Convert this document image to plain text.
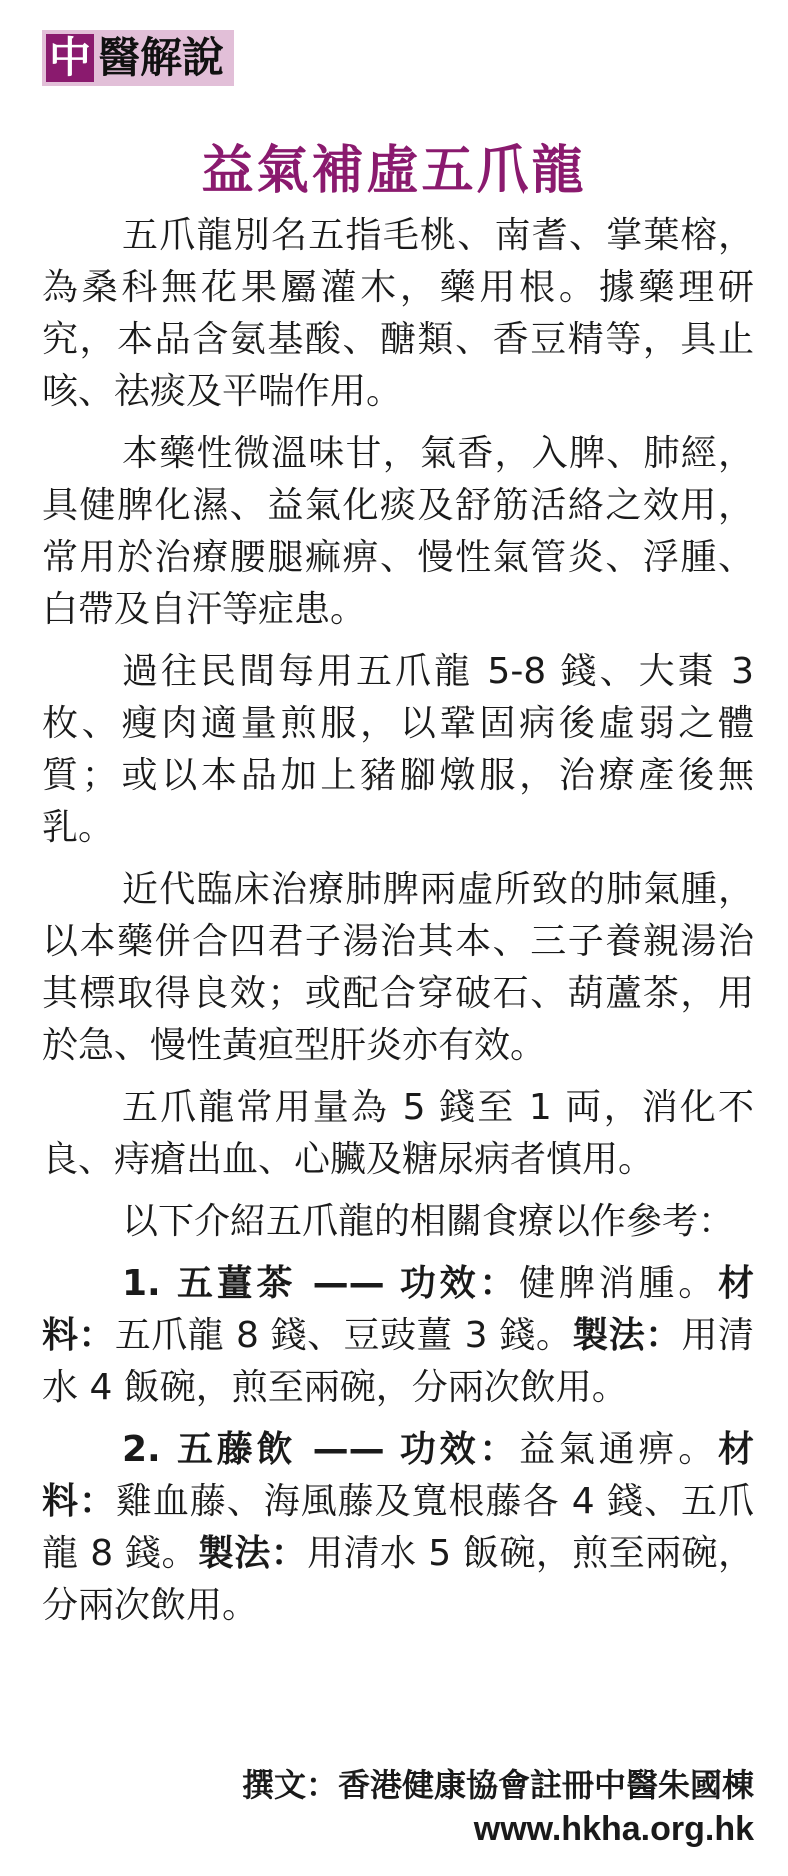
中 醫解說
益氣補虛五爪龍

五爪龍別名五指毛桃、南耆、掌葉榕，為桑科無花果屬灌木，藥用根。據藥理研究，本品含氨基酸、醣類、香豆精等，具止咳、祛痰及平喘作用。

本藥性微溫味甘，氣香，入脾、肺經，具健脾化濕、益氣化痰及舒筋活絡之效用，常用於治療腰腿痲痹、慢性氣管炎、浮腫、白帶及自汗等症患。

過往民間每用五爪龍 5-8 錢、大棗 3 枚、瘦肉適量煎服，以鞏固病後虛弱之體質；或以本品加上豬腳燉服，治療產後無乳。

近代臨床治療肺脾兩虛所致的肺氣腫，以本藥併合四君子湯治其本、三子養親湯治其標取得良效；或配合穿破石、葫蘆茶，用於急、慢性黃疸型肝炎亦有效。

五爪龍常用量為 5 錢至 1 両，消化不良、痔瘡出血、心臟及糖尿病者慎用。

以下介紹五爪龍的相關食療以作參考：

1. 五薑茶 —— 功效：健脾消腫。材料：五爪龍 8 錢、豆豉薑 3 錢。製法：用清水 4 飯碗，煎至兩碗，分兩次飲用。

2. 五藤飲 —— 功效：益氣通痹。材料：雞血藤、海風藤及寬根藤各 4 錢、五爪龍 8 錢。製法：用清水 5 飯碗，煎至兩碗，分兩次飲用。

撰文：香港健康協會註冊中醫朱國棟
www.hkha.org.hk
